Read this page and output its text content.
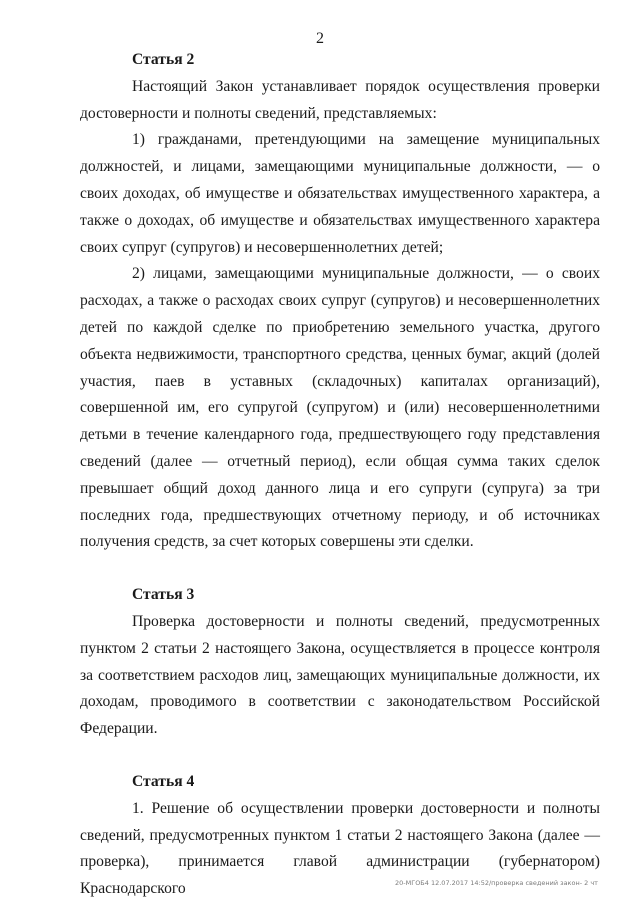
2
Статья 2

Настоящий Закон устанавливает порядок осуществления проверки достоверности и полноты сведений, представляемых:

1) гражданами, претендующими на замещение муниципальных должностей, и лицами, замещающими муниципальные должности, — о своих доходах, об имуществе и обязательствах имущественного характера, а также о доходах, об имуществе и обязательствах имущественного характера своих супруг (супругов) и несовершеннолетних детей;

2) лицами, замещающими муниципальные должности, — о своих расходах, а также о расходах своих супруг (супругов) и несовершеннолетних детей по каждой сделке по приобретению земельного участка, другого объекта недвижимости, транспортного средства, ценных бумаг, акций (долей участия, паев в уставных (складочных) капиталах организаций), совершенной им, его супругой (супругом) и (или) несовершеннолетними детьми в течение календарного года, предшествующего году представления сведений (далее — отчетный период), если общая сумма таких сделок превышает общий доход данного лица и его супруги (супруга) за три последних года, предшествующих отчетному периоду, и об источниках получения средств, за счет которых совершены эти сделки.

Статья 3

Проверка достоверности и полноты сведений, предусмотренных пунктом 2 статьи 2 настоящего Закона, осуществляется в процессе контроля за соответствием расходов лиц, замещающих муниципальные должности, их доходам, проводимого в соответствии с законодательством Российской Федерации.

Статья 4

1. Решение об осуществлении проверки достоверности и полноты сведений, предусмотренных пунктом 1 статьи 2 настоящего Закона (далее — проверка), принимается главой администрации (губернатором) Краснодарского	20-МГОБ4 12.07.2017 14:52/проверка сведений закон- 2 чт
